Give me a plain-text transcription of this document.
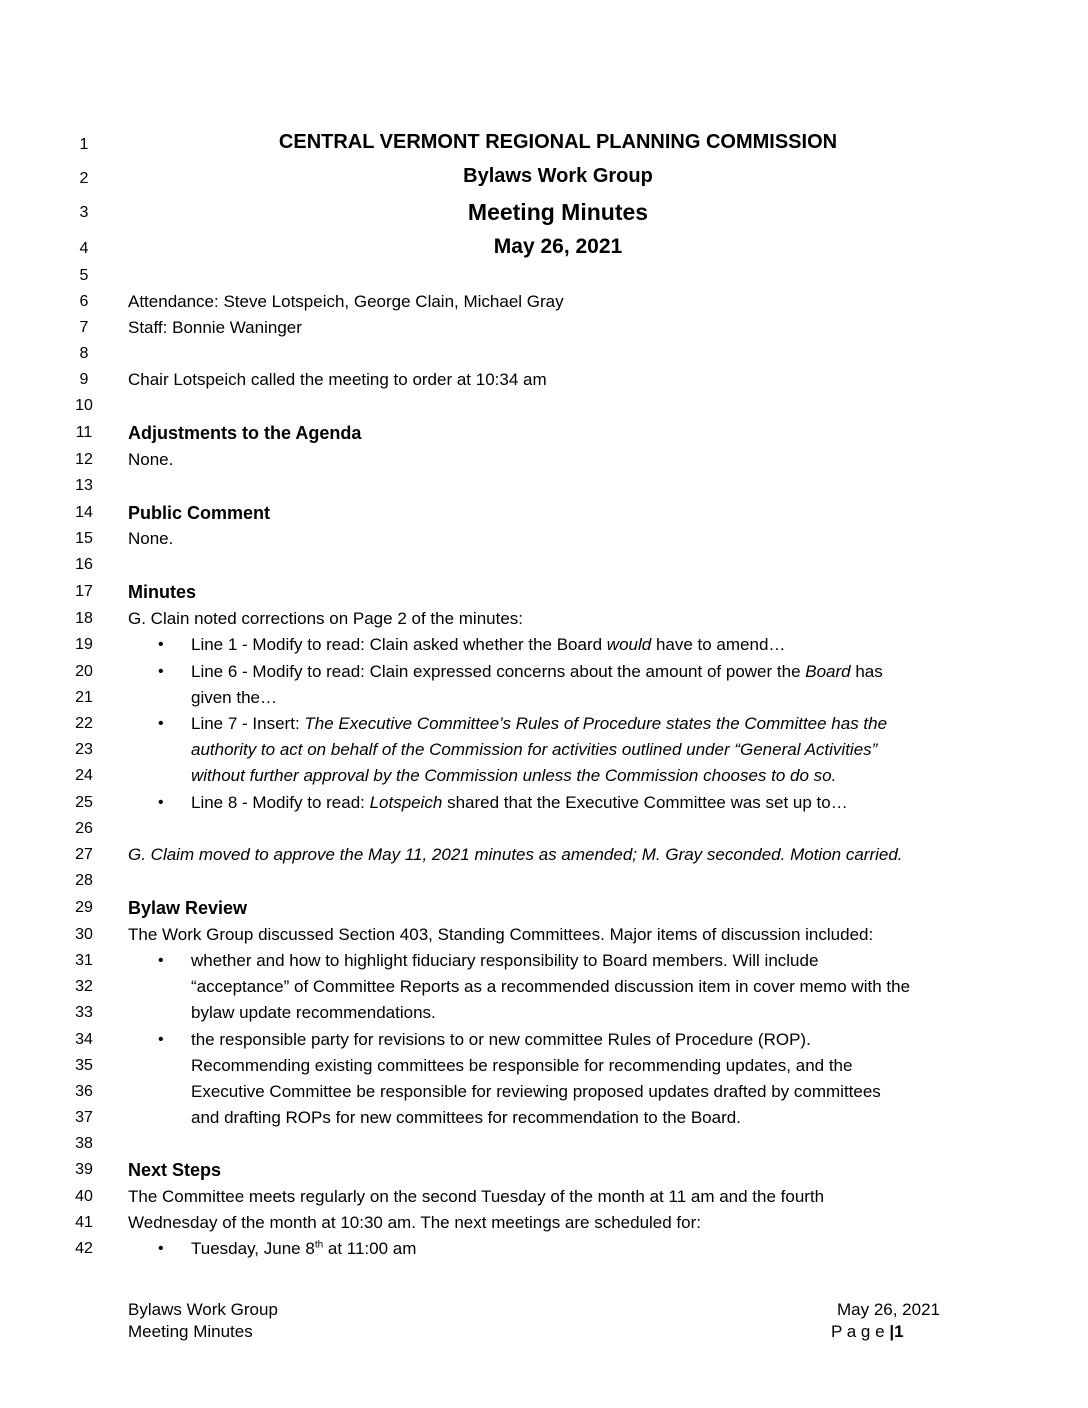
1
2
3
4
5
6
7
8
9
10
11
12
13
14
15
16
17
18
19
20
21
22
23
24
25
26
27
28
29
30
31
32
33
34
35
36
37
38
39
40
41
42
CENTRAL VERMONT REGIONAL PLANNING COMMISSION
Bylaws Work Group
Meeting Minutes
May 26, 2021
Attendance: Steve Lotspeich, George Clain, Michael Gray
Staff: Bonnie Waninger
Chair Lotspeich called the meeting to order at 10:34 am
Adjustments to the Agenda
None.
Public Comment
None.
Minutes
G. Clain noted corrections on Page 2 of the minutes:
• Line 1 - Modify to read: Clain asked whether the Board would have to amend…
• Line 6 - Modify to read: Clain expressed concerns about the amount of power the Board has
given the…
• Line 7 - Insert: The Executive Committee’s Rules of Procedure states the Committee has the
authority to act on behalf of the Commission for activities outlined under “General Activities”
without further approval by the Commission unless the Commission chooses to do so.
• Line 8 - Modify to read: Lotspeich shared that the Executive Committee was set up to…
G. Claim moved to approve the May 11, 2021 minutes as amended; M. Gray seconded. Motion carried.
Bylaw Review
The Work Group discussed Section 403, Standing Committees. Major items of discussion included:
• whether and how to highlight fiduciary responsibility to Board members. Will include
“acceptance” of Committee Reports as a recommended discussion item in cover memo with the
bylaw update recommendations.
• the responsible party for revisions to or new committee Rules of Procedure (ROP).
Recommending existing committees be responsible for recommending updates, and the
Executive Committee be responsible for reviewing proposed updates drafted by committees
and drafting ROPs for new committees for recommendation to the Board.
Next Steps
The Committee meets regularly on the second Tuesday of the month at 11 am and the fourth
Wednesday of the month at 10:30 am. The next meetings are scheduled for:
• Tuesday, June 8th at 11:00 am
Bylaws Work Group
Meeting Minutes
May 26, 2021
P a g e |1
